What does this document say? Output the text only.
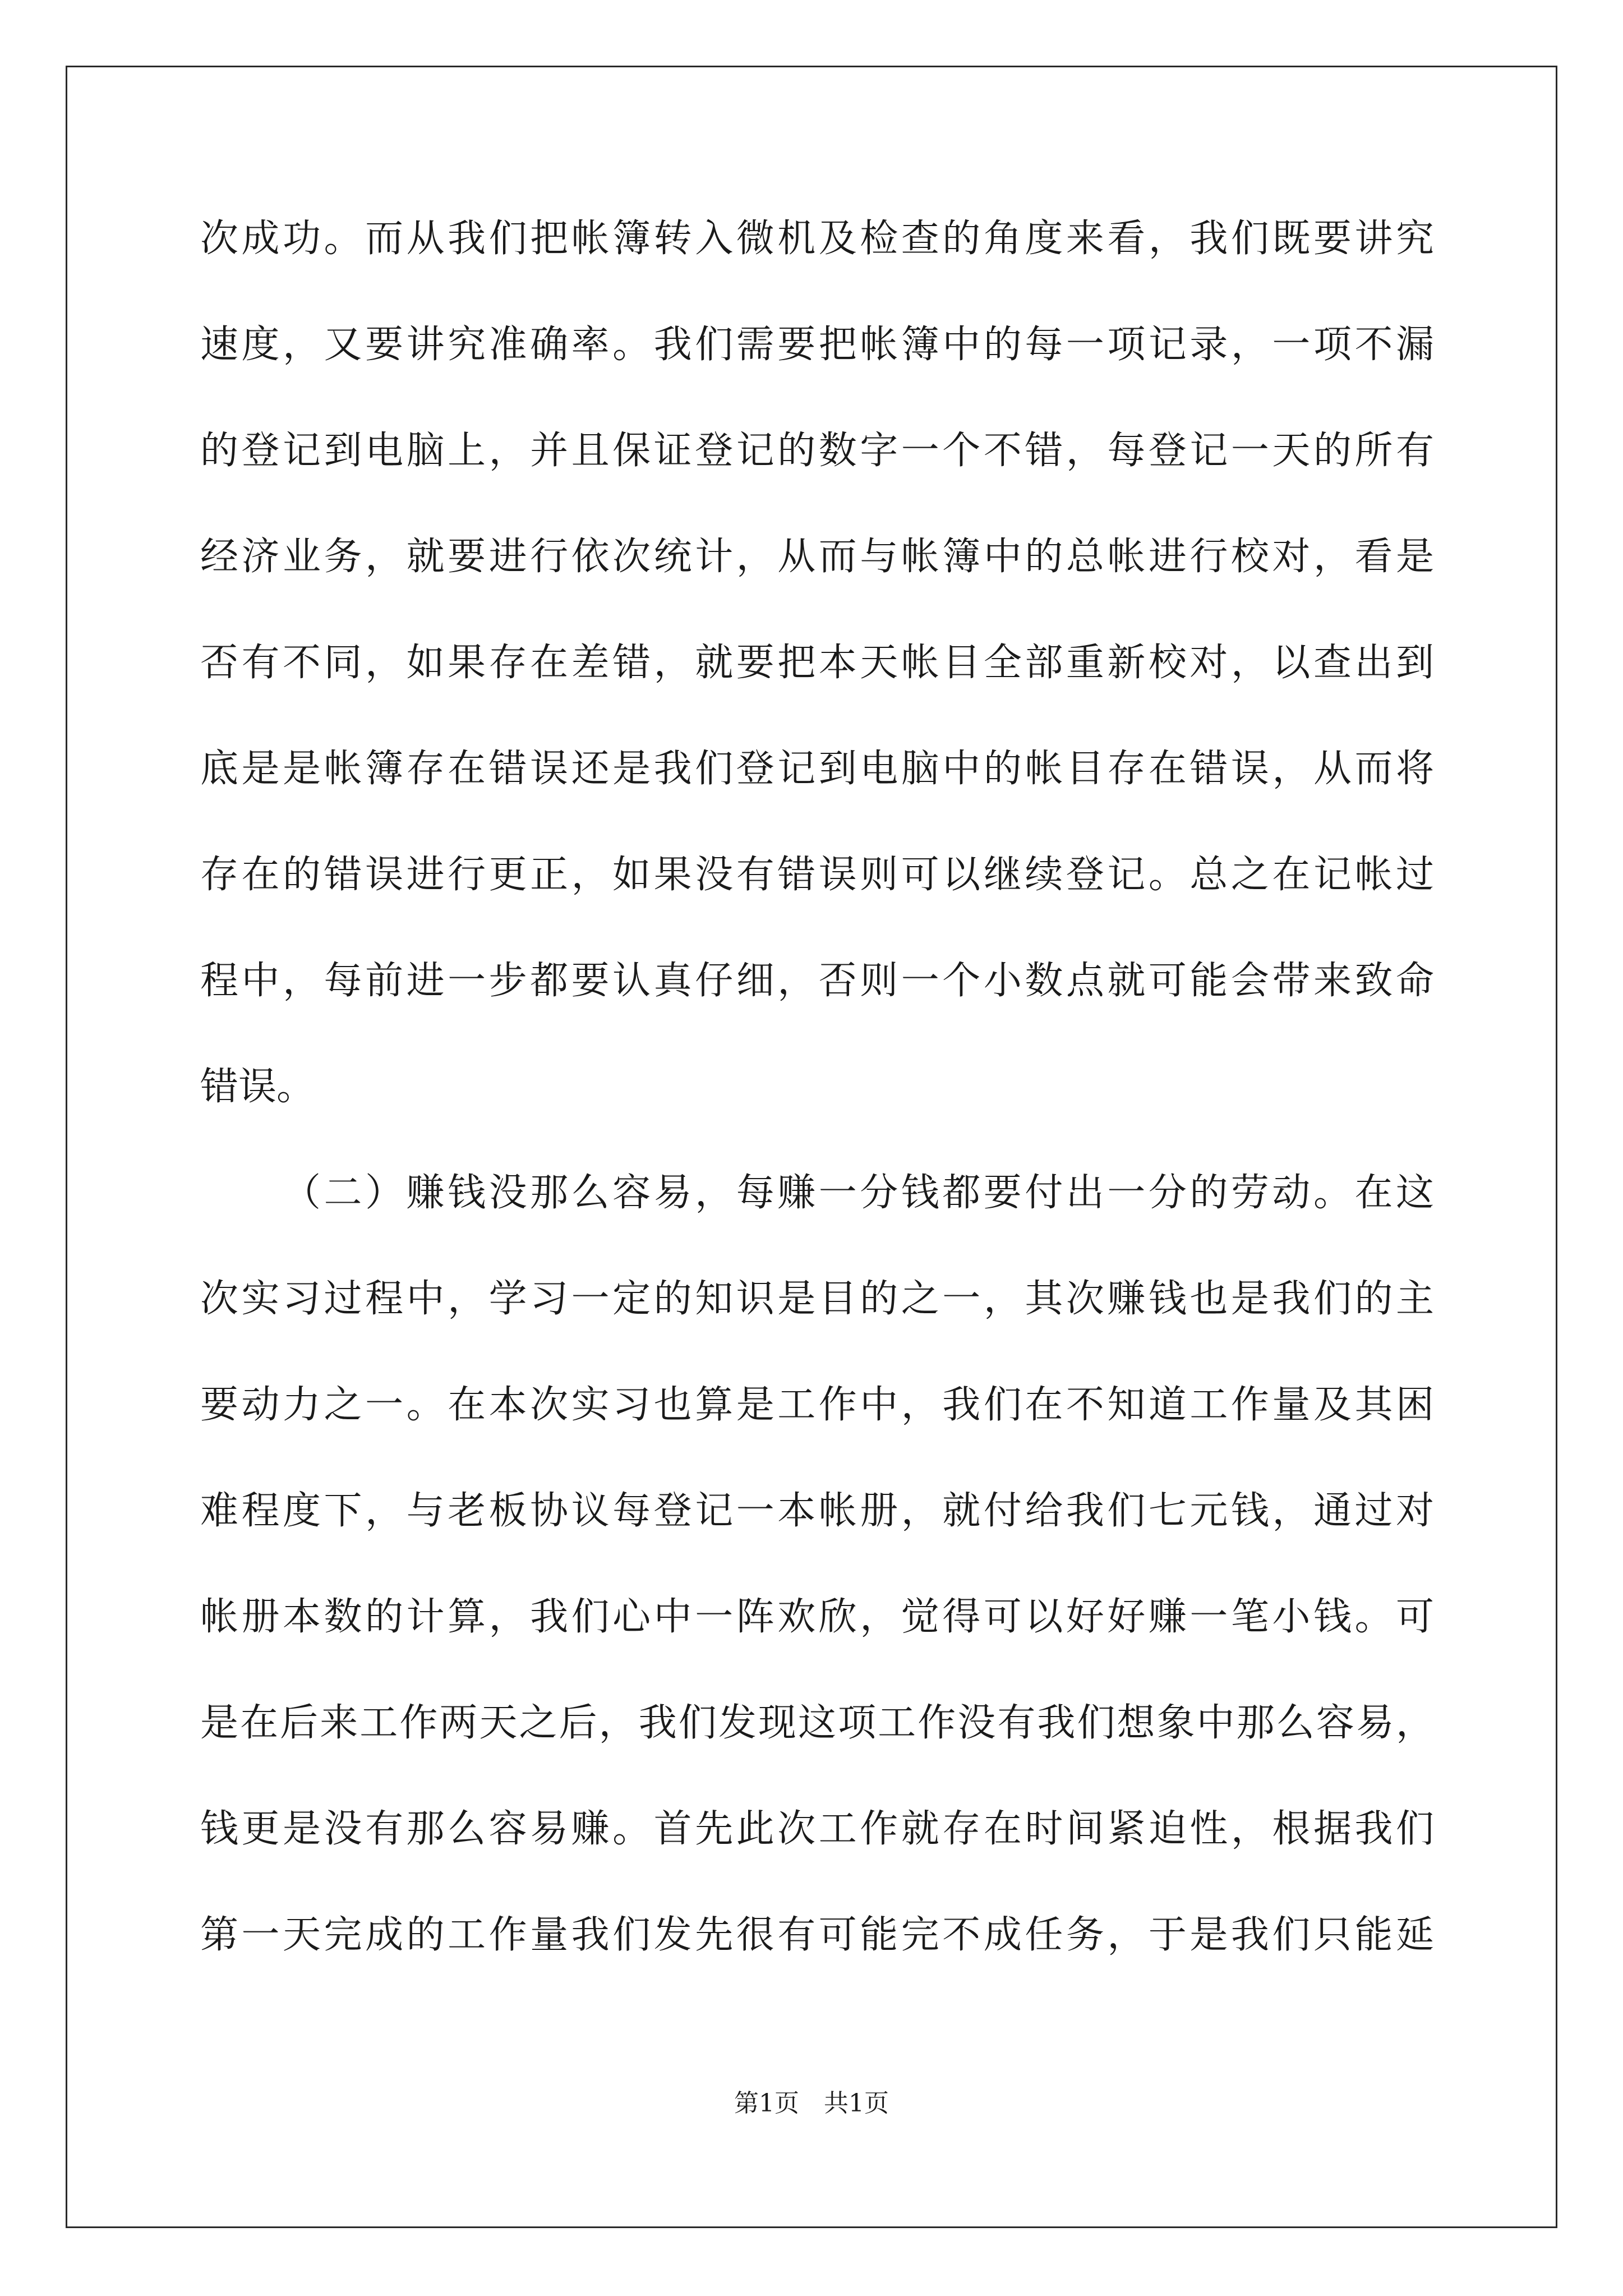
次成功。而从我们把帐簿转入微机及检查的角度来看，我们既要讲究
速度，又要讲究准确率。我们需要把帐簿中的每一项记录，一项不漏
的登记到电脑上，并且保证登记的数字一个不错，每登记一天的所有
经济业务，就要进行依次统计，从而与帐簿中的总帐进行校对，看是
否有不同，如果存在差错，就要把本天帐目全部重新校对，以查出到
底是是帐簿存在错误还是我们登记到电脑中的帐目存在错误，从而将
存在的错误进行更正，如果没有错误则可以继续登记。总之在记帐过
程中，每前进一步都要认真仔细，否则一个小数点就可能会带来致命
错误。
（二）赚钱没那么容易，每赚一分钱都要付出一分的劳动。在这
次实习过程中，学习一定的知识是目的之一，其次赚钱也是我们的主
要动力之一。在本次实习也算是工作中，我们在不知道工作量及其困
难程度下，与老板协议每登记一本帐册，就付给我们七元钱，通过对
帐册本数的计算，我们心中一阵欢欣，觉得可以好好赚一笔小钱。可
是在后来工作两天之后，我们发现这项工作没有我们想象中那么容易，
钱更是没有那么容易赚。首先此次工作就存在时间紧迫性，根据我们
第一天完成的工作量我们发先很有可能完不成任务，于是我们只能延
第1页　共1页
